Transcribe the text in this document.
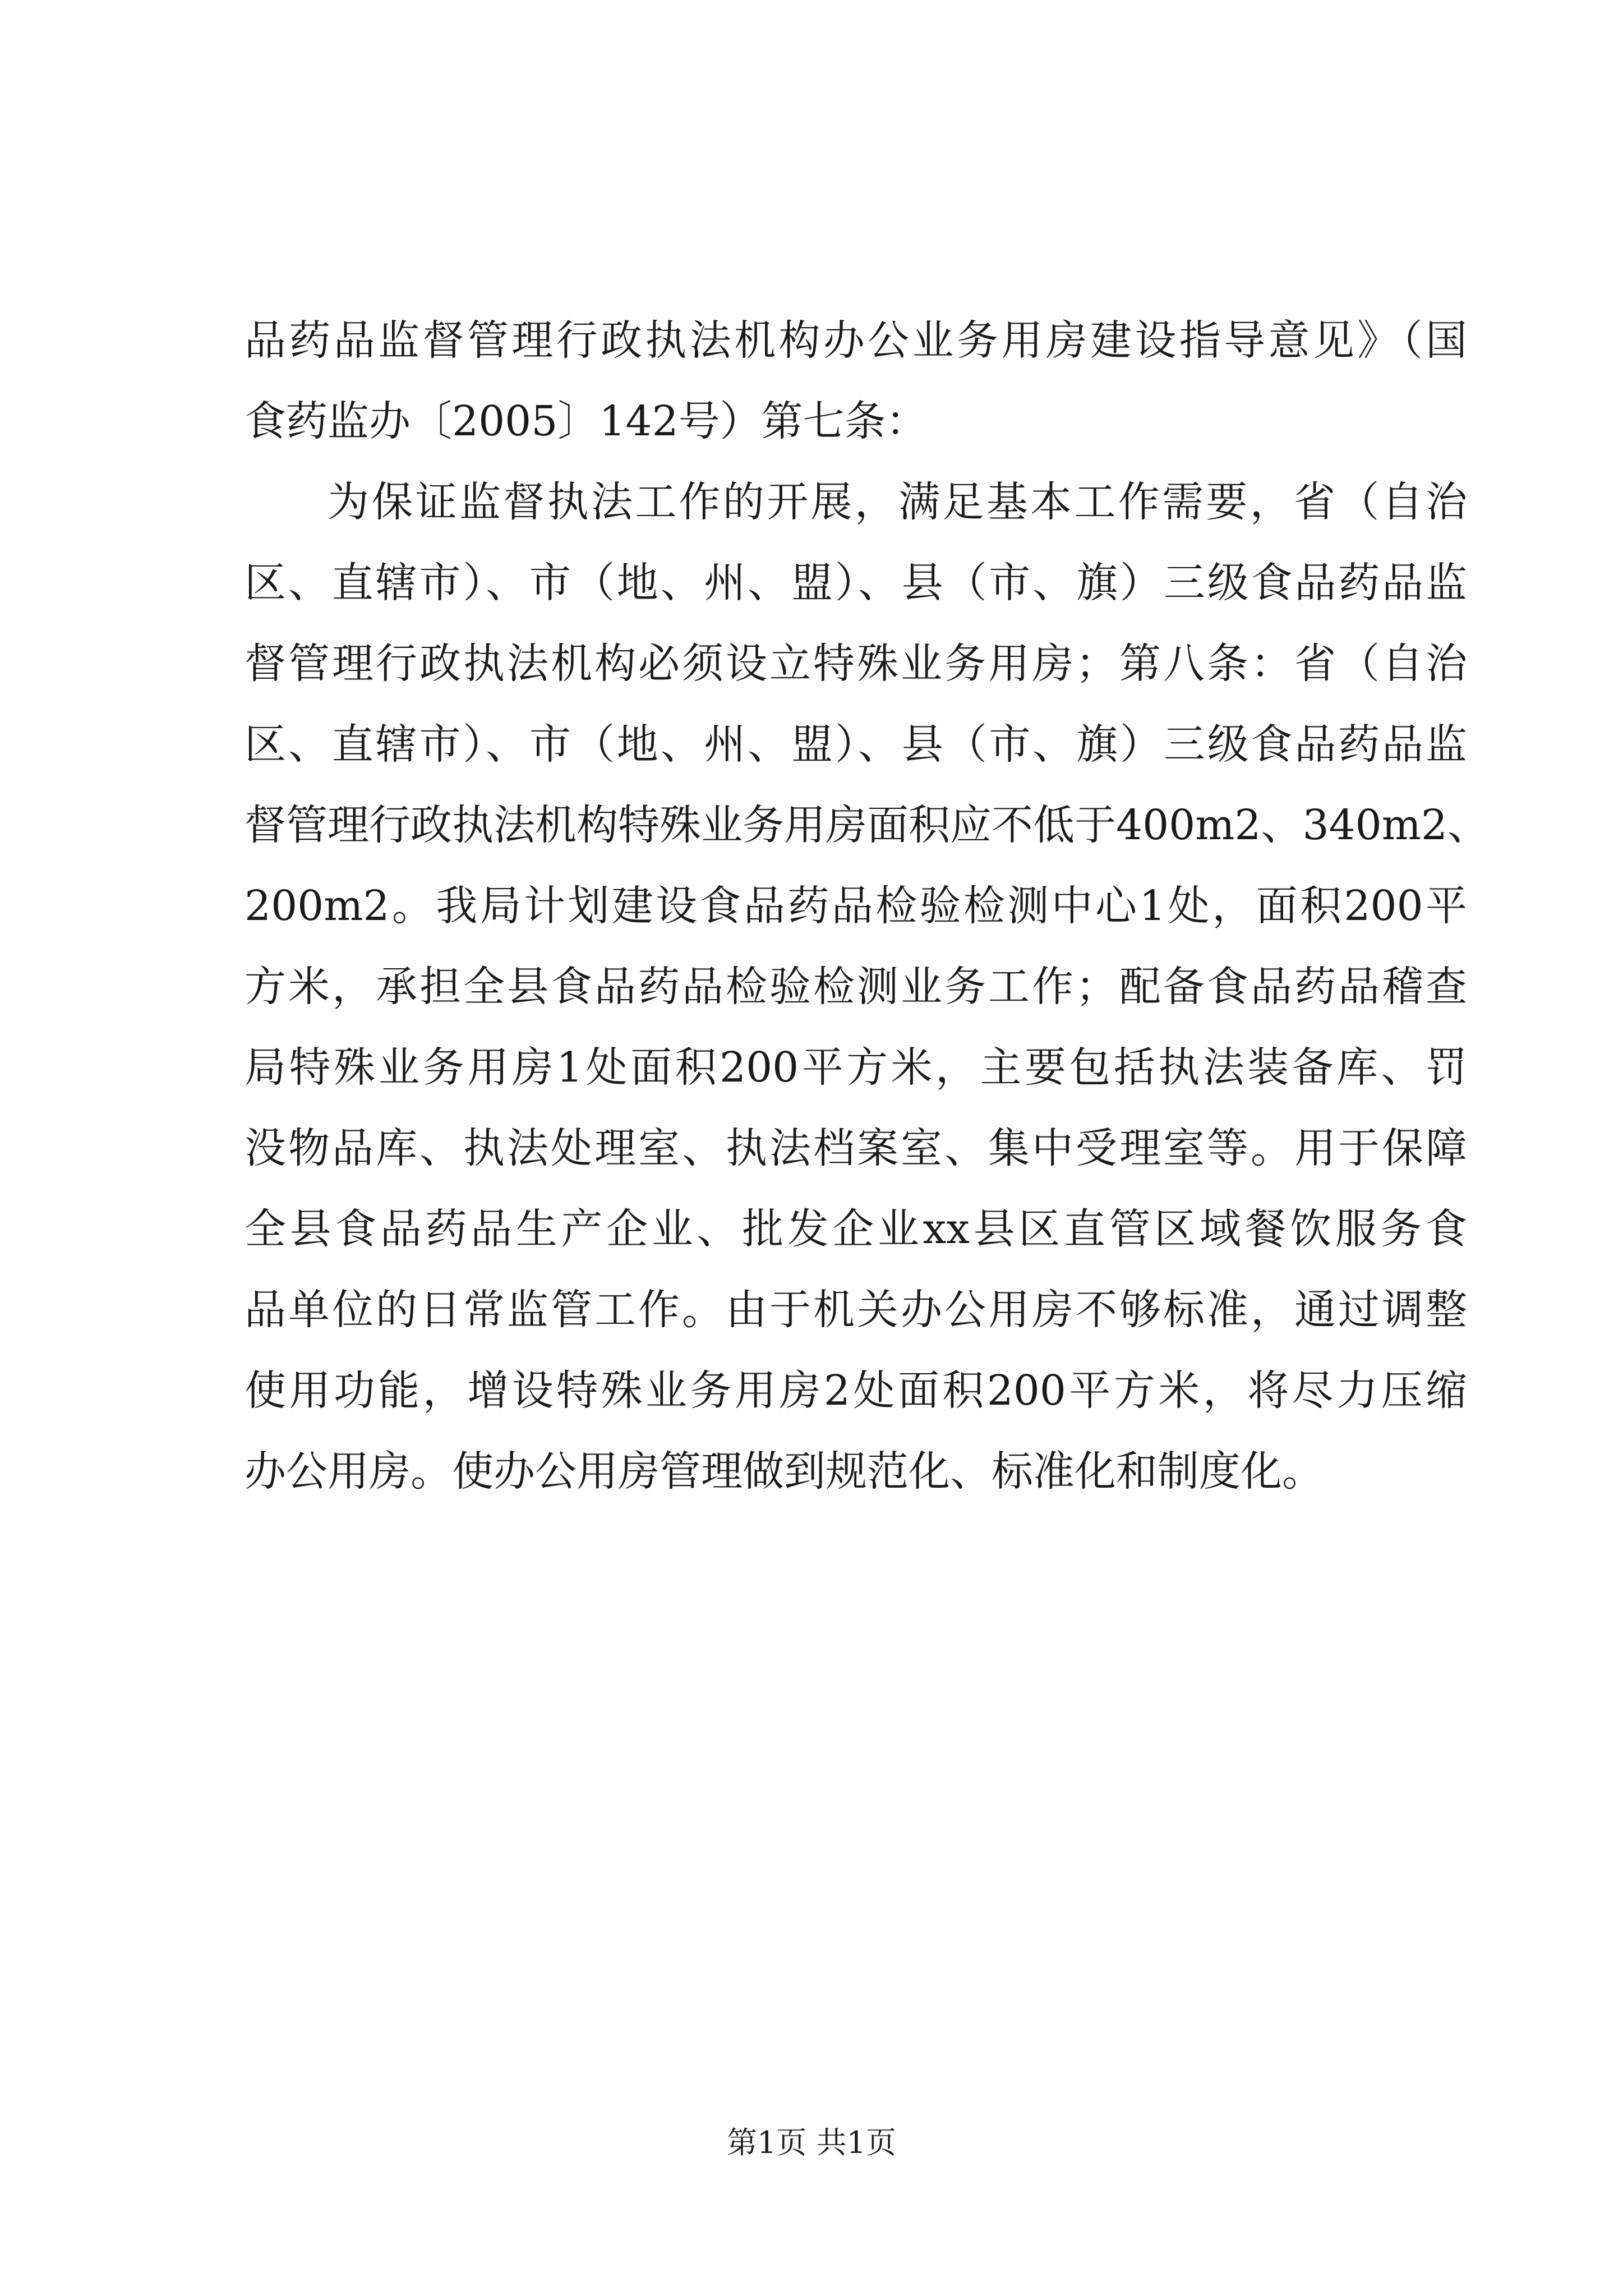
品药品监督管理行政执法机构办公业务用房建设指导意见》（国
食药监办〔2005〕142号）第七条：
为保证监督执法工作的开展，满足基本工作需要，省（自治
区、直辖市）、市（地、州、盟）、县（市、旗）三级食品药品监
督管理行政执法机构必须设立特殊业务用房；第八条：省（自治
区、直辖市）、市（地、州、盟）、县（市、旗）三级食品药品监
督管理行政执法机构特殊业务用房面积应不低于400m2、340m2、
200m2。我局计划建设食品药品检验检测中心1处，面积200平
方米，承担全县食品药品检验检测业务工作；配备食品药品稽查
局特殊业务用房1处面积200平方米，主要包括执法装备库、罚
没物品库、执法处理室、执法档案室、集中受理室等。用于保障
全县食品药品生产企业、批发企业xx县区直管区域餐饮服务食
品单位的日常监管工作。由于机关办公用房不够标准，通过调整
使用功能，增设特殊业务用房2处面积200平方米，将尽力压缩
办公用房。使办公用房管理做到规范化、标准化和制度化。
第1页 共1页
